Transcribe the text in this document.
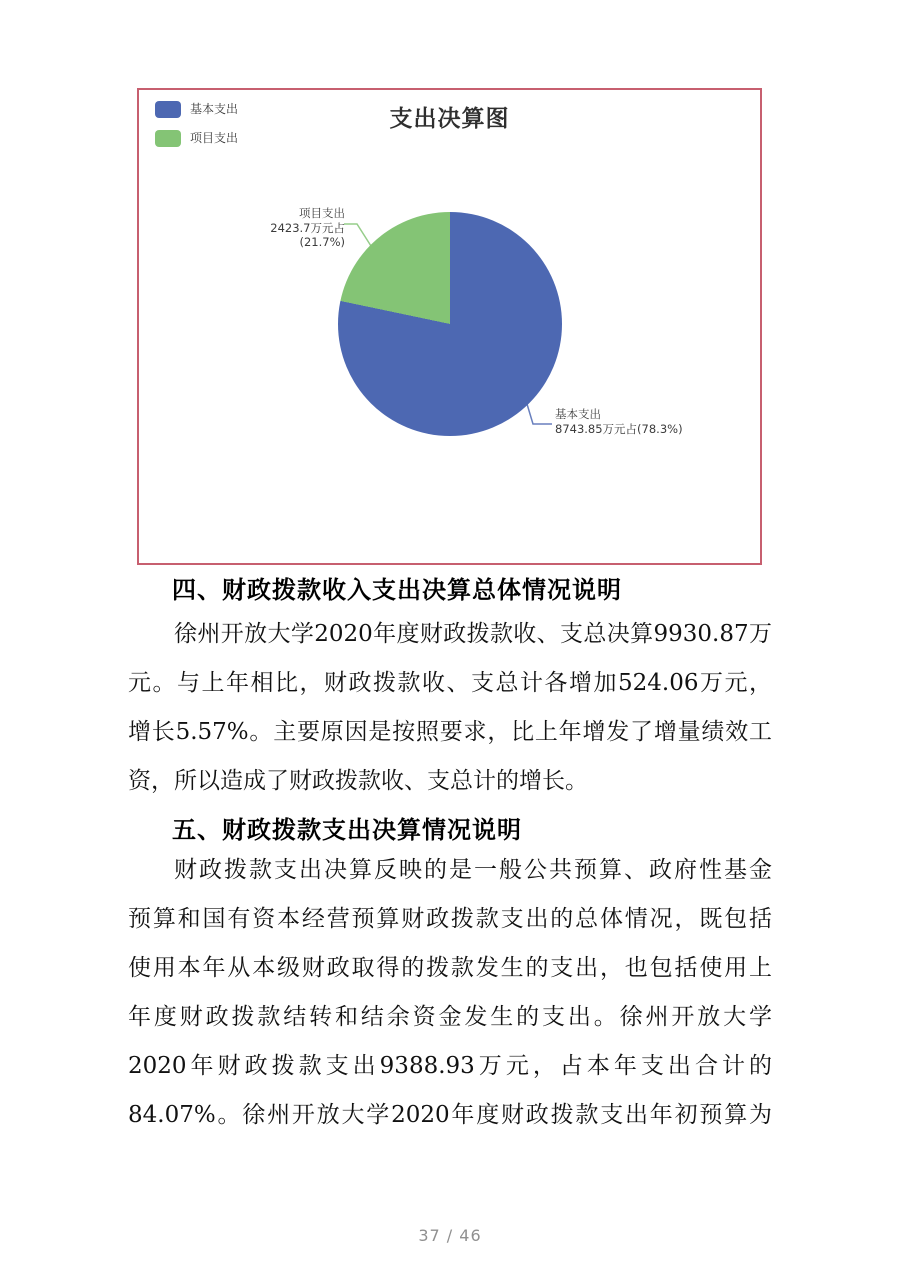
支出决算图
基本支出
项目支出
项目支出
2423.7万元占(21.7%)
基本支出
8743.85万元占(78.3%)
四、财政拨款收入支出决算总体情况说明
徐州开放大学2020年度财政拨款收、支总决算9930.87万
元。与上年相比，财政拨款收、支总计各增加524.06万元，
增长5.57%。主要原因是按照要求，比上年增发了增量绩效工
资，所以造成了财政拨款收、支总计的增长。
五、财政拨款支出决算情况说明
财政拨款支出决算反映的是一般公共预算、政府性基金
预算和国有资本经营预算财政拨款支出的总体情况，既包括
使用本年从本级财政取得的拨款发生的支出，也包括使用上
年度财政拨款结转和结余资金发生的支出。徐州开放大学
2020年财政拨款支出9388.93万元，占本年支出合计的
84.07%。徐州开放大学2020年度财政拨款支出年初预算为
37 / 46
